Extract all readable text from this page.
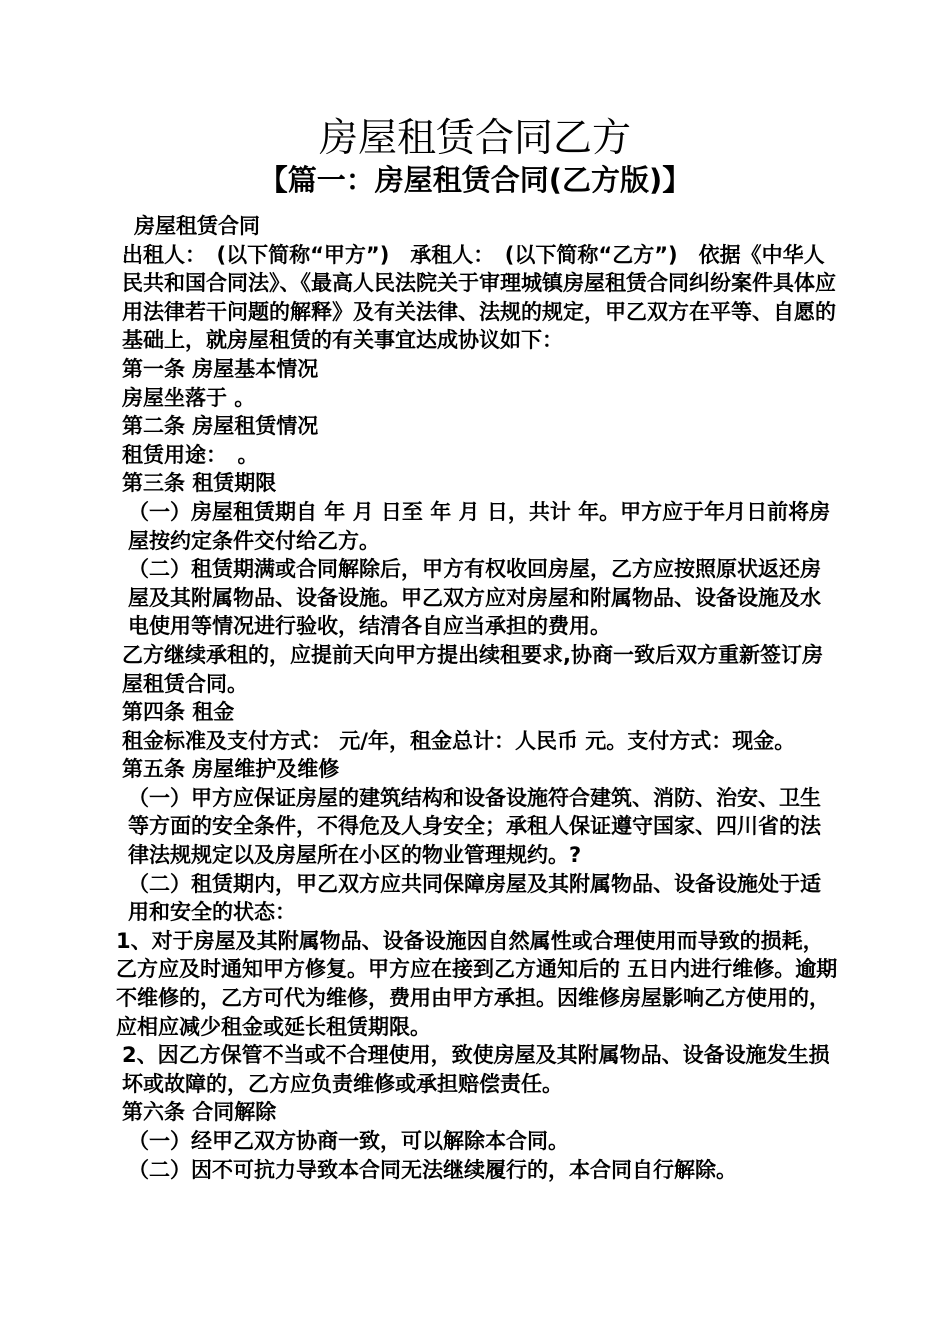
房屋租赁合同乙方
【篇一：房屋租赁合同(乙方版)】

房屋租赁合同

出租人：　(以下简称“甲方”)　承租人：　(以下简称“乙方”)　依据《中华人民共和国合同法》、《最高人民法院关于审理城镇房屋租赁合同纠纷案件具体应用法律若干问题的解释》及有关法律、法规的规定，甲乙双方在平等、自愿的基础上，就房屋租赁的有关事宜达成协议如下：

第一条 房屋基本情况

房屋坐落于 。

第二条 房屋租赁情况

租赁用途：　。

第三条 租赁期限

（一）房屋租赁期自 年 月 日至 年 月 日，共计 年。甲方应于年月日前将房屋按约定条件交付给乙方。

（二）租赁期满或合同解除后，甲方有权收回房屋，乙方应按照原状返还房屋及其附属物品、设备设施。甲乙双方应对房屋和附属物品、设备设施及水电使用等情况进行验收，结清各自应当承担的费用。

乙方继续承租的，应提前天向甲方提出续租要求,协商一致后双方重新签订房屋租赁合同。

第四条 租金

租金标准及支付方式： 元/年，租金总计：人民币 元。支付方式：现金。

第五条 房屋维护及维修

（一）甲方应保证房屋的建筑结构和设备设施符合建筑、消防、治安、卫生等方面的安全条件，不得危及人身安全；承租人保证遵守国家、四川省的法律法规规定以及房屋所在小区的物业管理规约。?

（二）租赁期内，甲乙双方应共同保障房屋及其附属物品、设备设施处于适用和安全的状态：

1、对于房屋及其附属物品、设备设施因自然属性或合理使用而导致的损耗，乙方应及时通知甲方修复。甲方应在接到乙方通知后的 五日内进行维修。逾期不维修的，乙方可代为维修，费用由甲方承担。因维修房屋影响乙方使用的，应相应减少租金或延长租赁期限。

2、因乙方保管不当或不合理使用，致使房屋及其附属物品、设备设施发生损坏或故障的，乙方应负责维修或承担赔偿责任。

第六条 合同解除

（一）经甲乙双方协商一致，可以解除本合同。

（二）因不可抗力导致本合同无法继续履行的，本合同自行解除。
